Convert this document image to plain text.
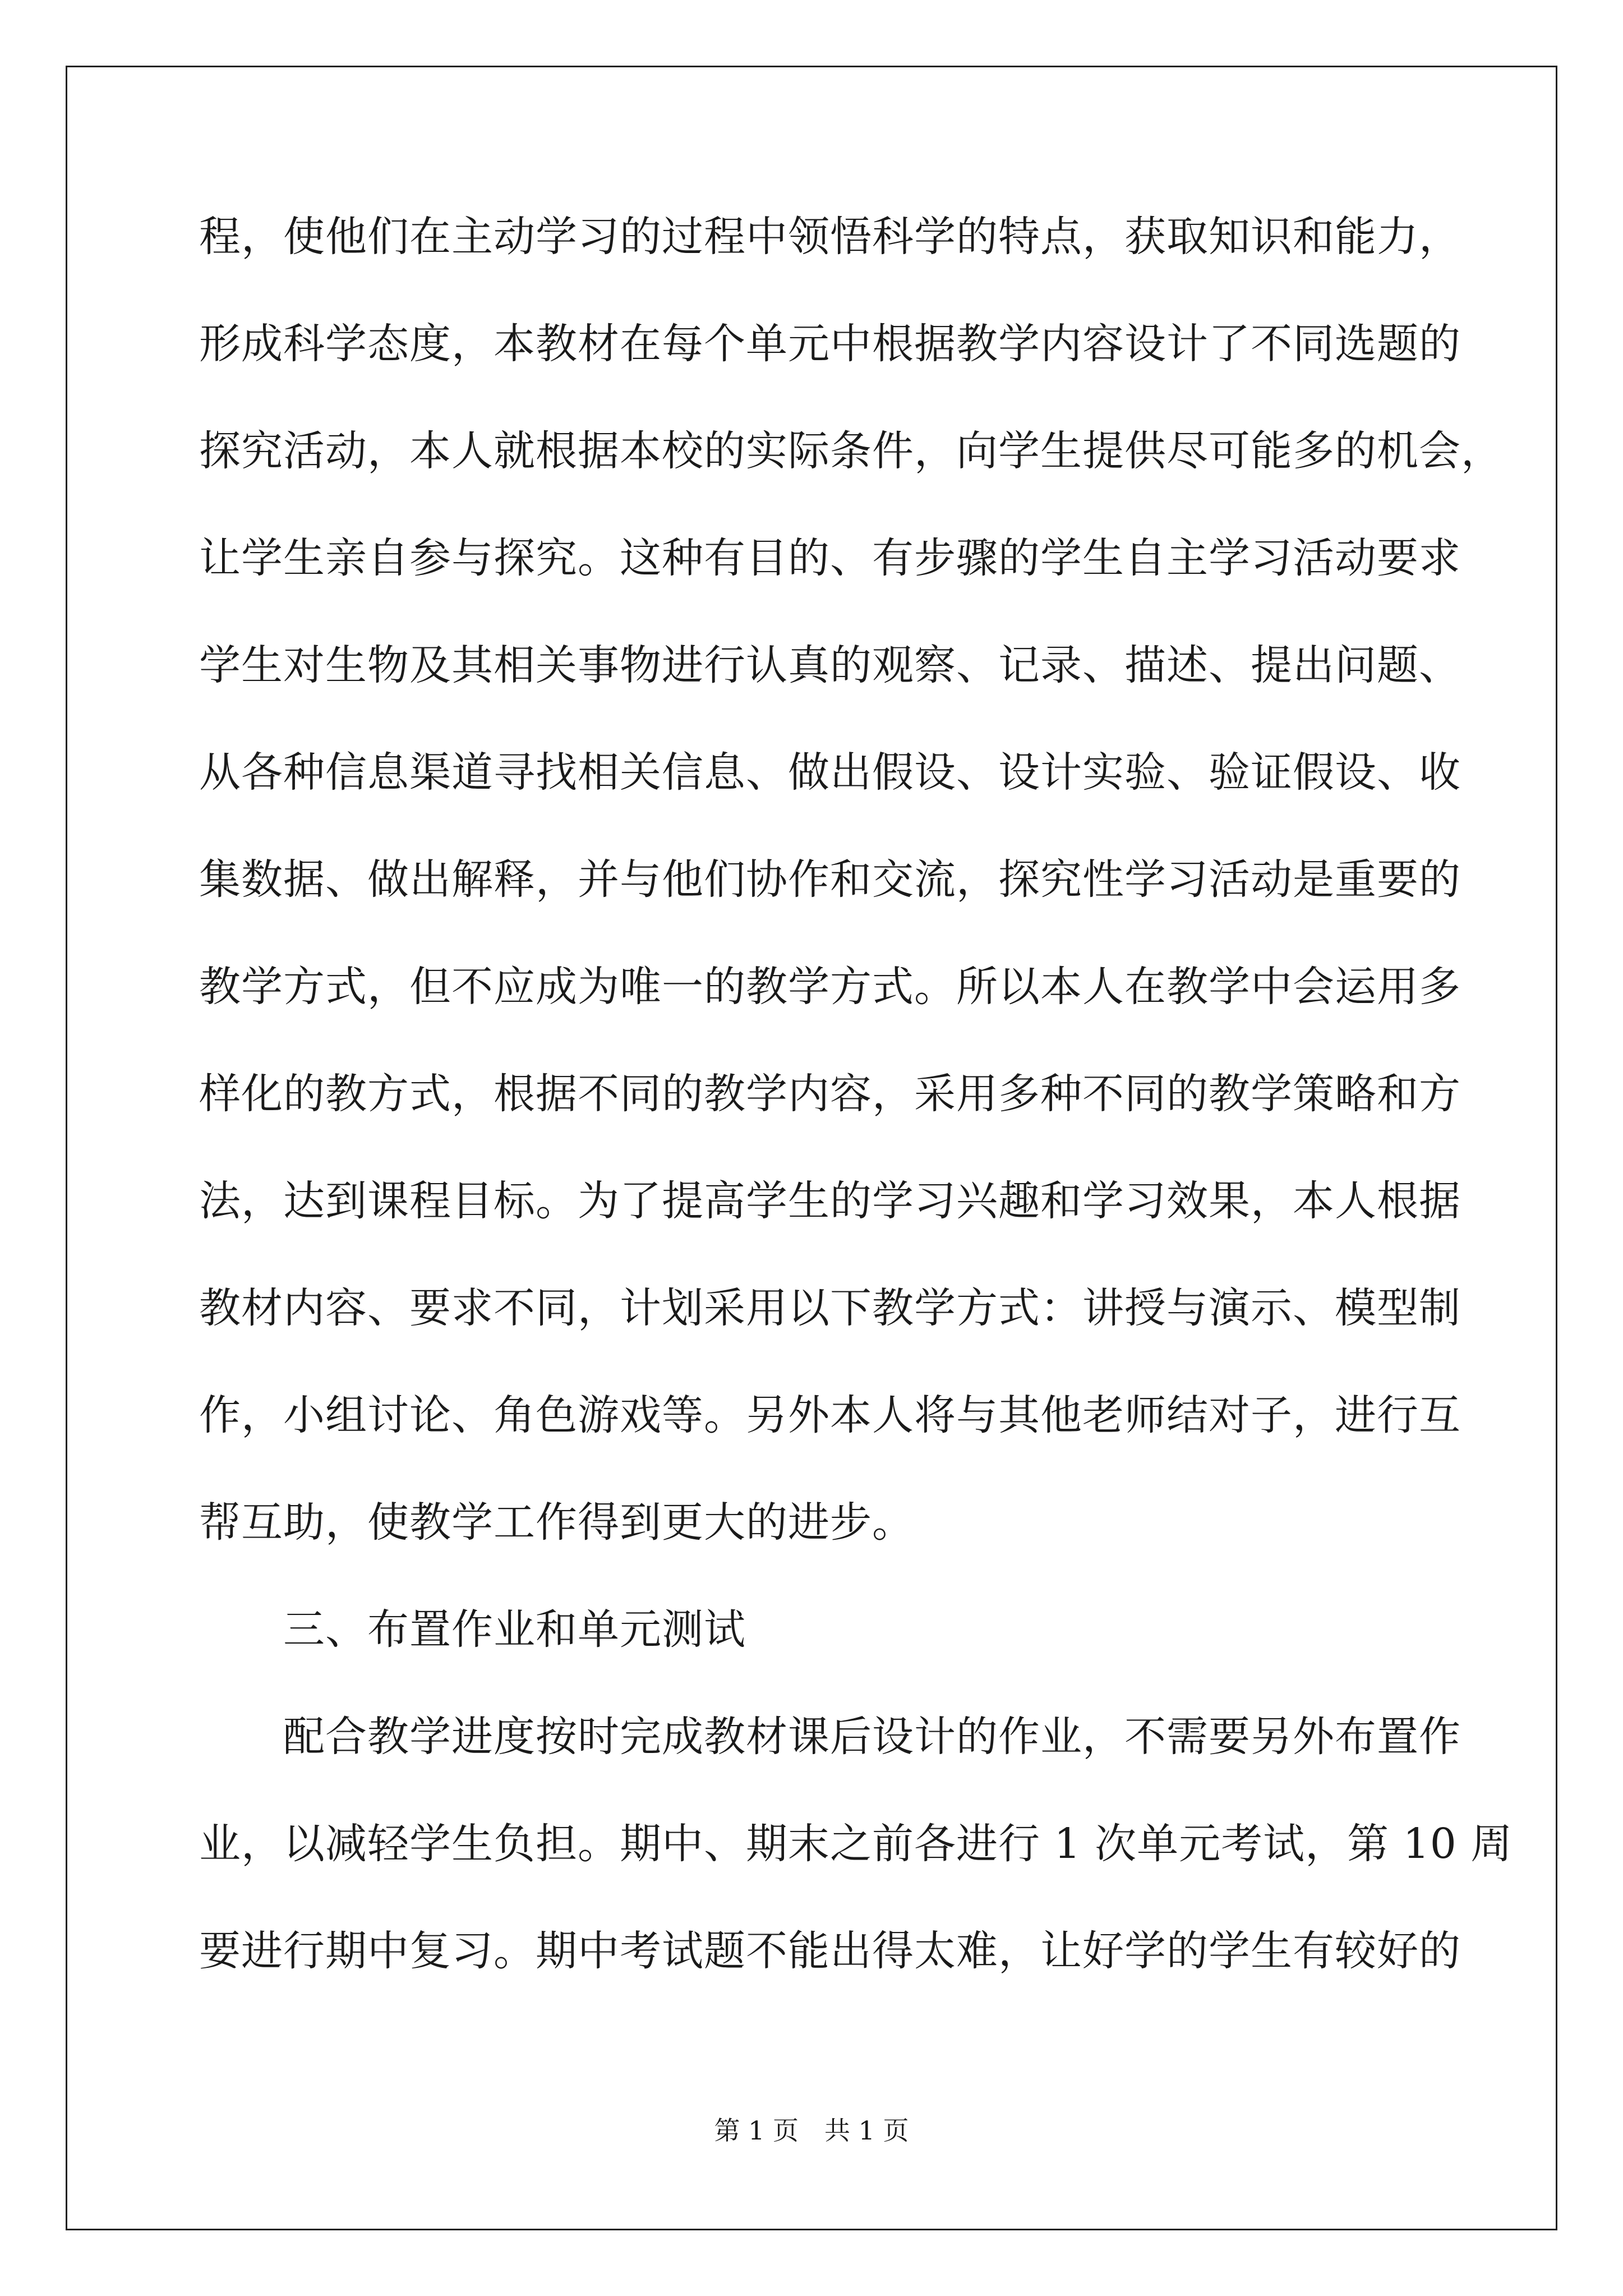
程，使他们在主动学习的过程中领悟科学的特点，获取知识和能力，
形成科学态度，本教材在每个单元中根据教学内容设计了不同选题的
探究活动，本人就根据本校的实际条件，向学生提供尽可能多的机会，
让学生亲自参与探究。这种有目的、有步骤的学生自主学习活动要求
学生对生物及其相关事物进行认真的观察、记录、描述、提出问题、
从各种信息渠道寻找相关信息、做出假设、设计实验、验证假设、收
集数据、做出解释，并与他们协作和交流，探究性学习活动是重要的
教学方式，但不应成为唯一的教学方式。所以本人在教学中会运用多
样化的教方式，根据不同的教学内容，采用多种不同的教学策略和方
法，达到课程目标。为了提高学生的学习兴趣和学习效果，本人根据
教材内容、要求不同，计划采用以下教学方式：讲授与演示、模型制
作，小组讨论、角色游戏等。另外本人将与其他老师结对子，进行互
帮互助，使教学工作得到更大的进步。
三、布置作业和单元测试
配合教学进度按时完成教材课后设计的作业，不需要另外布置作
业，以减轻学生负担。期中、期末之前各进行 1 次单元考试，第 10 周
要进行期中复习。期中考试题不能出得太难，让好学的学生有较好的
第 1 页　共 1 页
